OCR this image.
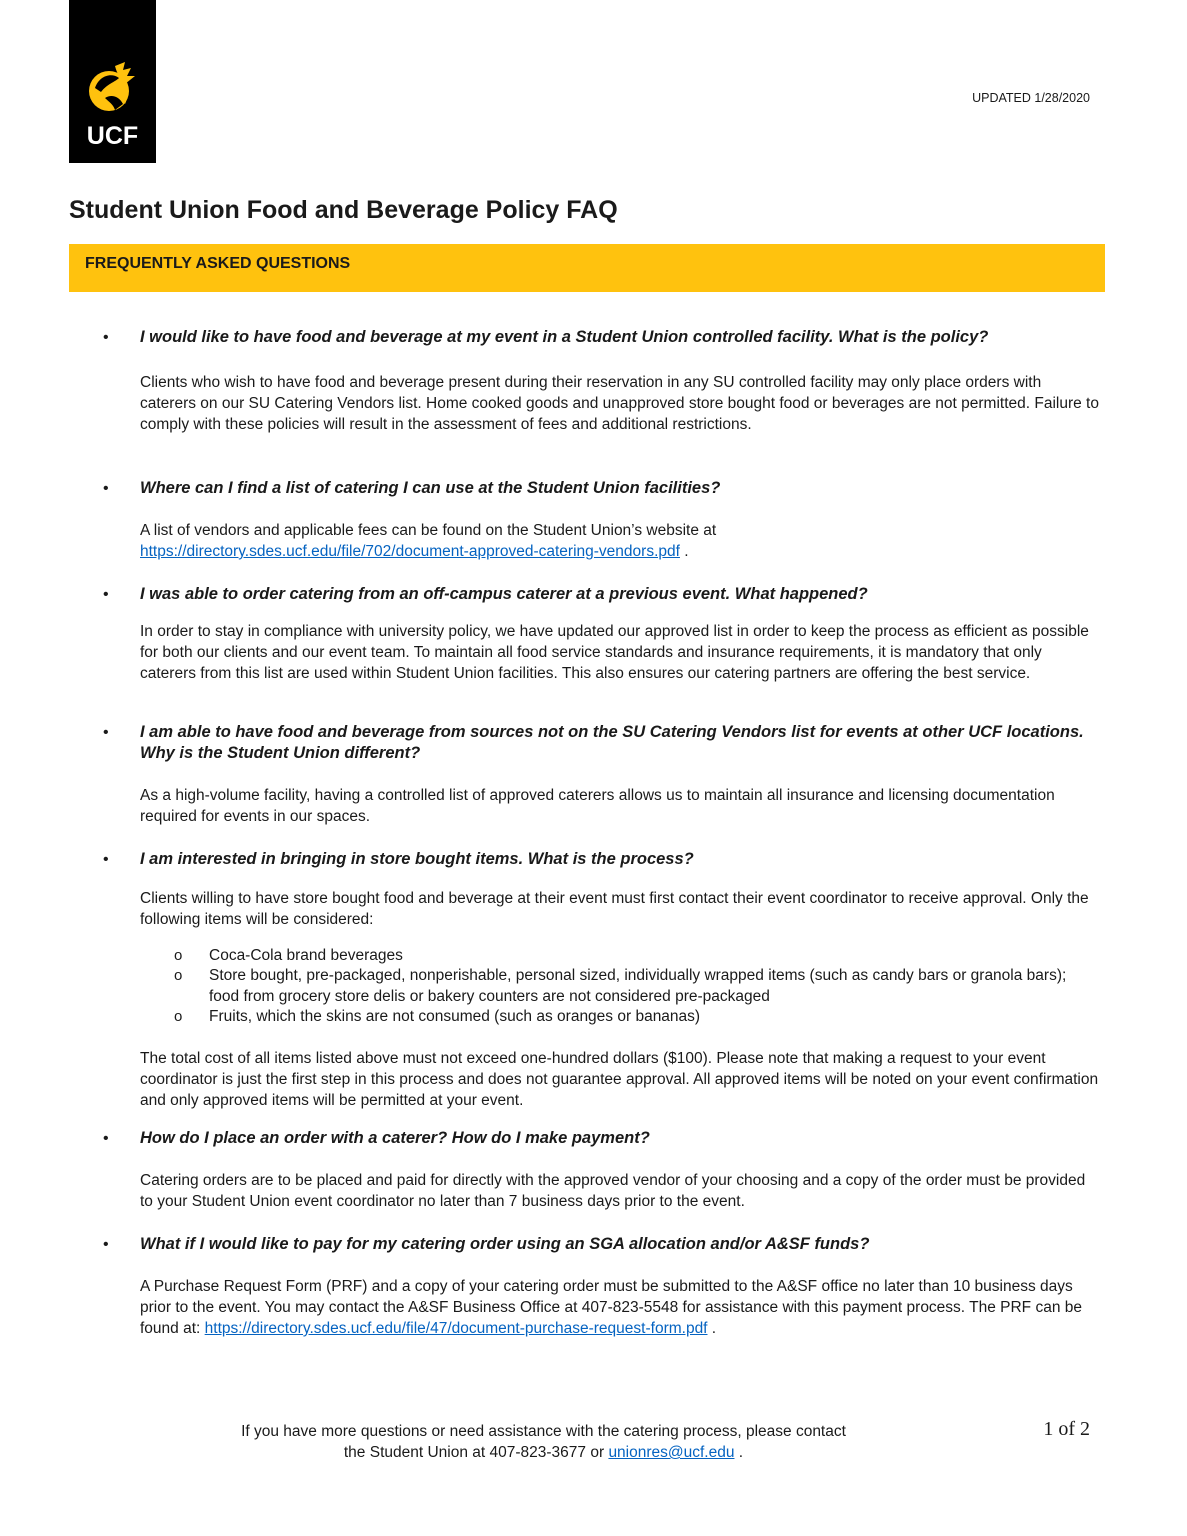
UCF
UPDATED 1/28/2020
Student Union Food and Beverage Policy FAQ
FREQUENTLY ASKED QUESTIONS
• I would like to have food and beverage at my event in a Student Union controlled facility. What is the policy?
Clients who wish to have food and beverage present during their reservation in any SU controlled facility may only place orders with caterers on our SU Catering Vendors list. Home cooked goods and unapproved store bought food or beverages are not permitted. Failure to comply with these policies will result in the assessment of fees and additional restrictions.
• Where can I find a list of catering I can use at the Student Union facilities?
A list of vendors and applicable fees can be found on the Student Union’s website at
https://directory.sdes.ucf.edu/file/702/document-approved-catering-vendors.pdf .
• I was able to order catering from an off-campus caterer at a previous event. What happened?
In order to stay in compliance with university policy, we have updated our approved list in order to keep the process as efficient as possible for both our clients and our event team. To maintain all food service standards and insurance requirements, it is mandatory that only caterers from this list are used within Student Union facilities. This also ensures our catering partners are offering the best service.
• I am able to have food and beverage from sources not on the SU Catering Vendors list for events at other UCF locations. Why is the Student Union different?
As a high-volume facility, having a controlled list of approved caterers allows us to maintain all insurance and licensing documentation required for events in our spaces.
• I am interested in bringing in store bought items. What is the process?
Clients willing to have store bought food and beverage at their event must first contact their event coordinator to receive approval. Only the following items will be considered:
o Coca-Cola brand beverages
o Store bought, pre-packaged, nonperishable, personal sized, individually wrapped items (such as candy bars or granola bars); food from grocery store delis or bakery counters are not considered pre-packaged
o Fruits, which the skins are not consumed (such as oranges or bananas)
The total cost of all items listed above must not exceed one-hundred dollars ($100). Please note that making a request to your event coordinator is just the first step in this process and does not guarantee approval. All approved items will be noted on your event confirmation and only approved items will be permitted at your event.
• How do I place an order with a caterer? How do I make payment?
Catering orders are to be placed and paid for directly with the approved vendor of your choosing and a copy of the order must be provided to your Student Union event coordinator no later than 7 business days prior to the event.
• What if I would like to pay for my catering order using an SGA allocation and/or A&SF funds?
A Purchase Request Form (PRF) and a copy of your catering order must be submitted to the A&SF office no later than 10 business days prior to the event. You may contact the A&SF Business Office at 407-823-5548 for assistance with this payment process. The PRF can be found at: https://directory.sdes.ucf.edu/file/47/document-purchase-request-form.pdf .
If you have more questions or need assistance with the catering process, please contact
the Student Union at 407-823-3677 or unionres@ucf.edu .
1 of 2
